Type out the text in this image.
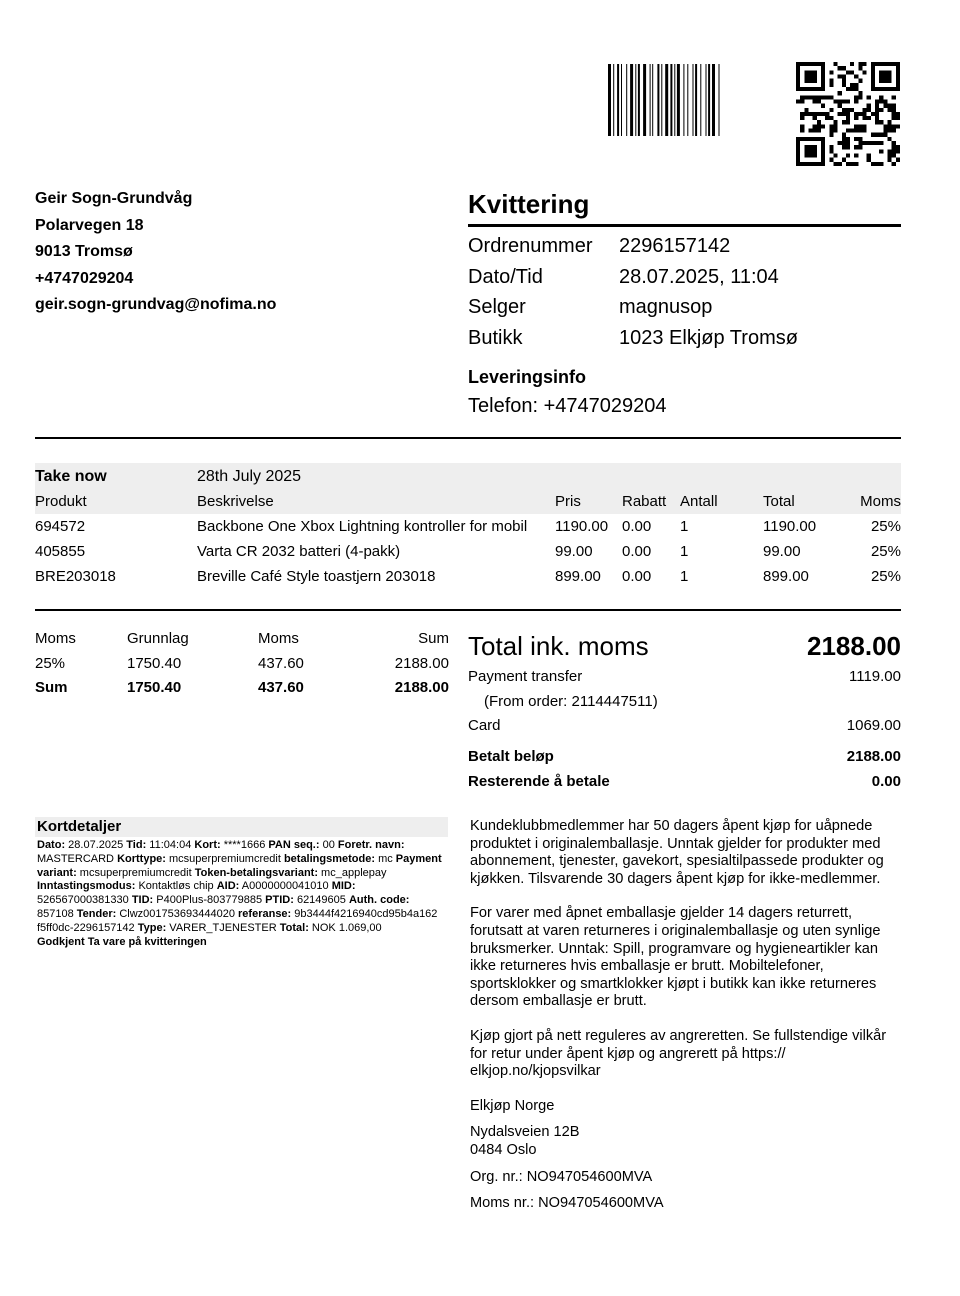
Geir Sogn-Grundvåg
Polarvegen 18
9013 Tromsø
+4747029204
geir.sogn-grundvag@nofima.no
Kvittering
Ordrenummer	2296157142
Dato/Tid	28.07.2025, 11:04
Selger	magnusop
Butikk	1023 Elkjøp Tromsø
Leveringsinfo
Telefon: +4747029204
Take now	28th July 2025
Produkt	Beskrivelse	Pris	Rabatt Antall	Total	Moms
694572	Backbone One Xbox Lightning kontroller for mobil	1190.00 0.00	1	1190.00	25%
405855	Varta CR 2032 batteri (4-pakk)	99.00	0.00	1	99.00	25%
BRE203018	Breville Café Style toastjern 203018	899.00	0.00	1	899.00	25%
Moms	Grunnlag	Moms	Sum
25%	1750.40	437.60	2188.00
Sum	1750.40	437.60	2188.00
Total ink. moms	2188.00
Payment transfer	1119.00
(From order: 2114447511)
Card	1069.00
Betalt beløp	2188.00
Resterende å betale	0.00
Kortdetaljer
Dato: 28.07.2025 Tid: 11:04:04 Kort: ****1666 PAN seq.: 00 Foretr. navn: MASTERCARD Korttype: mcsuperpremiumcredit betalingsmetode: mc Payment variant: mcsuperpremiumcredit Token-betalingsvariant: mc_applepay Inntastingsmodus: Kontaktløs chip AID: A0000000041010 MID: 526567000381330 TID: P400Plus-803779885 PTID: 62149605 Auth. code: 857108 Tender: Clwz001753693444020 referanse: 9b3444f4216940cd95b4a162 f5ff0dc-2296157142 Type: VARER_TJENESTER Total: NOK 1.069,00
Godkjent Ta vare på kvitteringen

Kundeklubbmedlemmer har 50 dagers åpent kjøp for uåpnede produktet i originalemballasje. Unntak gjelder for produkter med abonnement, tjenester, gavekort, spesialtilpassede produkter og kjøkken. Tilsvarende 30 dagers åpent kjøp for ikke-medlemmer.

For varer med åpnet emballasje gjelder 14 dagers returrett, forutsatt at varen returneres i originalemballasje og uten synlige bruksmerker. Unntak: Spill, programvare og hygieneartikler kan ikke returneres hvis emballasje er brutt. Mobiltelefoner, sportsklokker og smartklokker kjøpt i butikk kan ikke returneres dersom emballasje er brutt.

Kjøp gjort på nett reguleres av angreretten. Se fullstendige vilkår for retur under åpent kjøp og angrerett på https:// elkjop.no/kjopsvilkar

Elkjøp Norge

Nydalsveien 12B
0484 Oslo

Org. nr.: NO947054600MVA

Moms nr.: NO947054600MVA
